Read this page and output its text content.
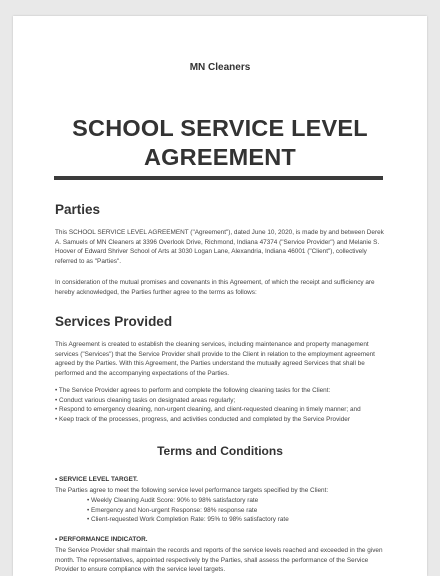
MN Cleaners
SCHOOL SERVICE LEVEL AGREEMENT
Parties

This SCHOOL SERVICE LEVEL AGREEMENT ("Agreement"), dated June 10, 2020, is made by and between Derek A. Samuels of MN Cleaners at 3396 Overlook Drive, Richmond, Indiana 47374 ("Service Provider") and Melanie S. Hoover of Edward Shriver School of Arts at 3030 Logan Lane, Alexandria, Indiana 46001 ("Client"), collectively referred to as "Parties".

In consideration of the mutual promises and covenants in this Agreement, of which the receipt and sufficiency are hereby acknowledged, the Parties further agree to the terms as follows:

Services Provided

This Agreement is created to establish the cleaning services, including maintenance and property management services ("Services") that the Service Provider shall provide to the Client in relation to the employment agreement agreed by the Parties. With this Agreement, the Parties understand the mutually agreed Services that shall be performed and the accompanying expectations of the Parties.

• The Service Provider agrees to perform and complete the following cleaning tasks for the Client:
• Conduct various cleaning tasks on designated areas regularly;
• Respond to emergency cleaning, non-urgent cleaning, and client-requested cleaning in timely manner; and
• Keep track of the processes, progress, and activities conducted and completed by the Service Provider
Terms and Conditions
• SERVICE LEVEL TARGET.

The Parties agree to meet the following service level performance targets specified by the Client:

• Weekly Cleaning Audit Score: 90% to 98% satisfactory rate
• Emergency and Non-urgent Response: 98% response rate
• Client-requested Work Completion Rate: 95% to 98% satisfactory rate
• PERFORMANCE INDICATOR.

The Service Provider shall maintain the records and reports of the service levels reached and exceeded in the given month. The representatives, appointed respectively by the Parties, shall assess the performance of the Service Provider to ensure compliance with the service level targets.
